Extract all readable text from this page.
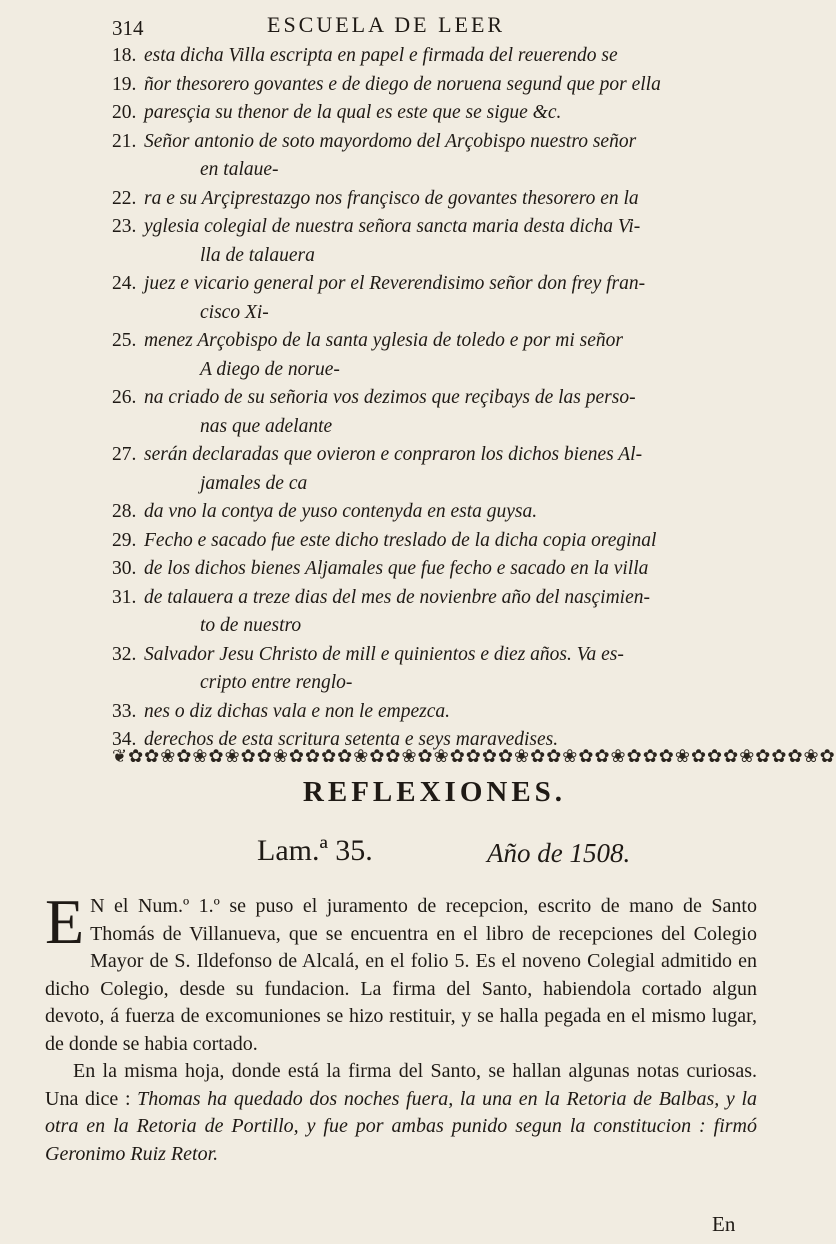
314	ESCUELA DE LEER
18. esta dicha Villa escripta en papel e firmada del reuerendo se
19. ñor thesorero govantes e de diego de noruena segund que por ella
20. paresçia su thenor de la qual es este que se sigue &c.
21. Señor antonio de soto mayordomo del Arçobispo nuestro señor
en talaue-
22. ra e su Arçiprestazgo nos françisco de govantes thesorero en la
23. yglesia colegial de nuestra señora sancta maria desta dicha Vi-
lla de talauera
24. juez e vicario general por el Reverendisimo señor don frey fran-
cisco Xi-
25. menez Arçobispo de la santa yglesia de toledo e por mi señor
A diego de norue-
26. na criado de su señoria vos dezimos que reçibays de las perso-
nas que adelante
27. serán declaradas que ovieron e conpraron los dichos bienes Al-
jamales de ca
28. da vno la contya de yuso contenyda en esta guysa.
29. Fecho e sacado fue este dicho treslado de la dicha copia oreginal
30. de los dichos bienes Aljamales que fue fecho e sacado en la villa
31. de talauera a treze dias del mes de novienbre año del nasçimien-
to de nuestro
32. Salvador Jesu Christo de mill e quinientos e diez años. Va es-
cripto entre renglo-
33. nes o diz dichas vala e non le empezca.
34. derechos de esta scritura setenta e seys maravedises.
❦✿✿❀✿❀✿❀✿✿❀✿✿✿✿❀✿✿❀✿❀✿✿✿✿❀✿✿❀✿✿❀✿✿✿❀✿✿✿❀✿✿✿❀✿
REFLEXIONES.
Lam.ª 35.	Año de 1508.

E N el Num.º 1.º se puso el juramento de recepcion, escrito de mano de Santo Thomás de Villanueva, que se encuentra en el libro de recepciones del Colegio Mayor de S. Ildefonso de Alcalá, en el folio 5. Es el noveno Colegial admitido en dicho Colegio, desde su fundacion. La firma del Santo, habiendola cortado algun devoto, á fuerza de excomuniones se hizo restituir, y se halla pegada en el mismo lugar, de donde se habia cortado.

En la misma hoja, donde está la firma del Santo, se hallan algunas notas curiosas. Una dice : Thomas ha quedado dos noches fuera, la una en la Retoria de Balbas, y la otra en la Retoria de Portillo, y fue por ambas punido segun la constitucion : firmó Geronimo Ruiz Retor.

En
